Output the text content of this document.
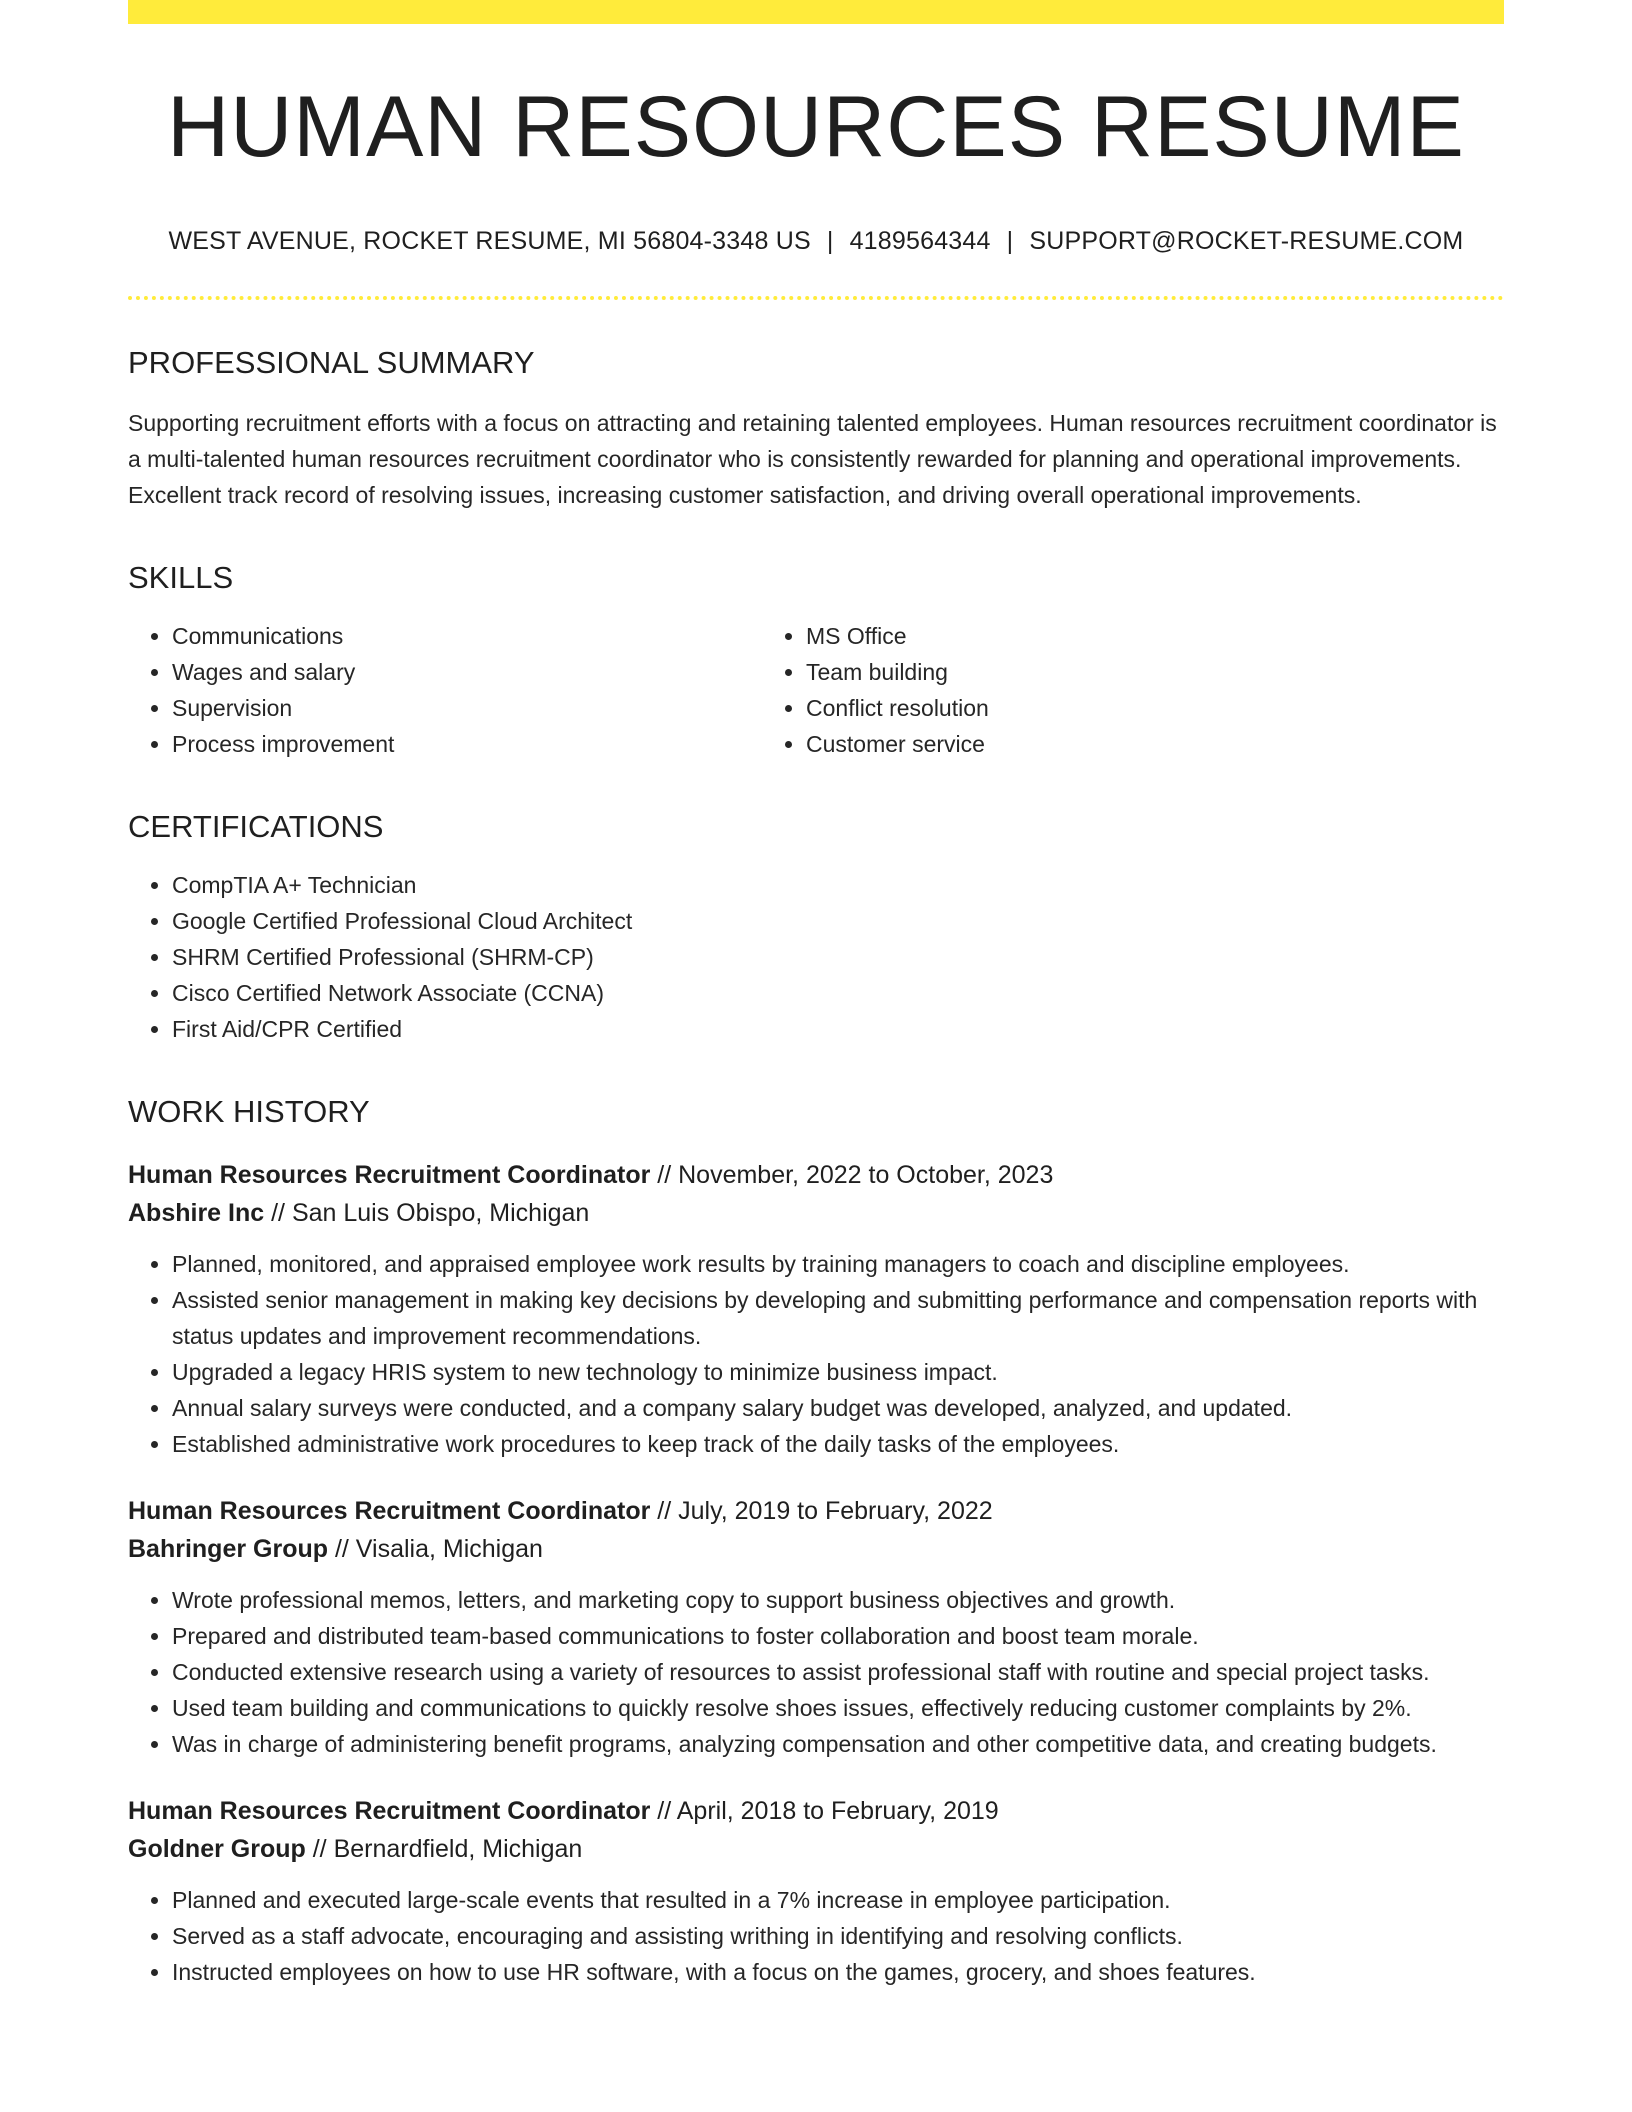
HUMAN RESOURCES RESUME
WEST AVENUE, ROCKET RESUME, MI 56804-3348 US | 4189564344 | SUPPORT@ROCKET-RESUME.COM
PROFESSIONAL SUMMARY

Supporting recruitment efforts with a focus on attracting and retaining talented employees. Human resources recruitment coordinator is a multi-talented human resources recruitment coordinator who is consistently rewarded for planning and operational improvements. Excellent track record of resolving issues, increasing customer satisfaction, and driving overall operational improvements.

SKILLS
• Communications
• Wages and salary
• Supervision
• Process improvement
• MS Office
• Team building
• Conflict resolution
• Customer service
CERTIFICATIONS
• CompTIA A+ Technician
• Google Certified Professional Cloud Architect
• SHRM Certified Professional (SHRM-CP)
• Cisco Certified Network Associate (CCNA)
• First Aid/CPR Certified
WORK HISTORY
Human Resources Recruitment Coordinator // November, 2022 to October, 2023
Abshire Inc // San Luis Obispo, Michigan
• Planned, monitored, and appraised employee work results by training managers to coach and discipline employees.
• Assisted senior management in making key decisions by developing and submitting performance and compensation reports with status updates and improvement recommendations.
• Upgraded a legacy HRIS system to new technology to minimize business impact.
• Annual salary surveys were conducted, and a company salary budget was developed, analyzed, and updated.
• Established administrative work procedures to keep track of the daily tasks of the employees.
Human Resources Recruitment Coordinator // July, 2019 to February, 2022
Bahringer Group // Visalia, Michigan
• Wrote professional memos, letters, and marketing copy to support business objectives and growth.
• Prepared and distributed team-based communications to foster collaboration and boost team morale.
• Conducted extensive research using a variety of resources to assist professional staff with routine and special project tasks.
• Used team building and communications to quickly resolve shoes issues, effectively reducing customer complaints by 2%.
• Was in charge of administering benefit programs, analyzing compensation and other competitive data, and creating budgets.
Human Resources Recruitment Coordinator // April, 2018 to February, 2019
Goldner Group // Bernardfield, Michigan
• Planned and executed large-scale events that resulted in a 7% increase in employee participation.
• Served as a staff advocate, encouraging and assisting writhing in identifying and resolving conflicts.
• Instructed employees on how to use HR software, with a focus on the games, grocery, and shoes features.
